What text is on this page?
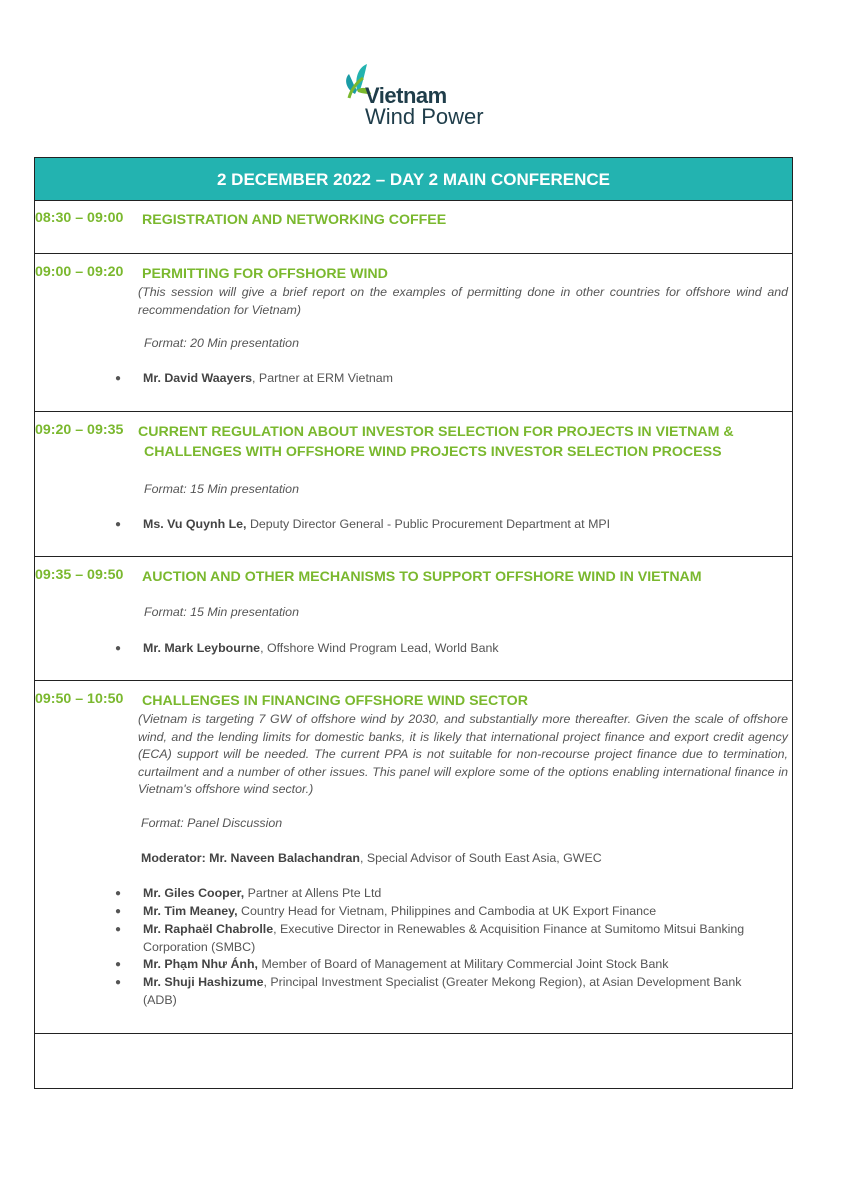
Vietnam
Wind Power
2 DECEMBER 2022 – DAY 2 MAIN CONFERENCE
08:30 – 09:00 REGISTRATION AND NETWORKING COFFEE
09:00 – 09:20 PERMITTING FOR OFFSHORE WIND
(This session will give a brief report on the examples of permitting done in other countries for offshore wind and recommendation for Vietnam)
Format: 20 Min presentation
●	Mr. David Waayers, Partner at ERM Vietnam
09:20 – 09:35 CURRENT REGULATION ABOUT INVESTOR SELECTION FOR PROJECTS IN VIETNAM &
CHALLENGES WITH OFFSHORE WIND PROJECTS INVESTOR SELECTION PROCESS
Format: 15 Min presentation
●	Ms. Vu Quynh Le, Deputy Director General - Public Procurement Department at MPI
09:35 – 09:50 AUCTION AND OTHER MECHANISMS TO SUPPORT OFFSHORE WIND IN VIETNAM
Format: 15 Min presentation
●	Mr. Mark Leybourne, Offshore Wind Program Lead, World Bank
09:50 – 10:50 CHALLENGES IN FINANCING OFFSHORE WIND SECTOR
(Vietnam is targeting 7 GW of offshore wind by 2030, and substantially more thereafter. Given the scale of offshore wind, and the lending limits for domestic banks, it is likely that international project finance and export credit agency (ECA) support will be needed. The current PPA is not suitable for non-recourse project finance due to termination, curtailment and a number of other issues. This panel will explore some of the options enabling international finance in Vietnam's offshore wind sector.)
Format: Panel Discussion
Moderator: Mr. Naveen Balachandran, Special Advisor of South East Asia, GWEC
●	Mr. Giles Cooper, Partner at Allens Pte Ltd
●	Mr. Tim Meaney, Country Head for Vietnam, Philippines and Cambodia at UK Export Finance
●	Mr. Raphaël Chabrolle, Executive Director in Renewables & Acquisition Finance at Sumitomo Mitsui Banking Corporation (SMBC)
●	Mr. Phạm Như Ánh, Member of Board of Management at Military Commercial Joint Stock Bank
●	Mr. Shuji Hashizume, Principal Investment Specialist (Greater Mekong Region), at Asian Development Bank (ADB)
